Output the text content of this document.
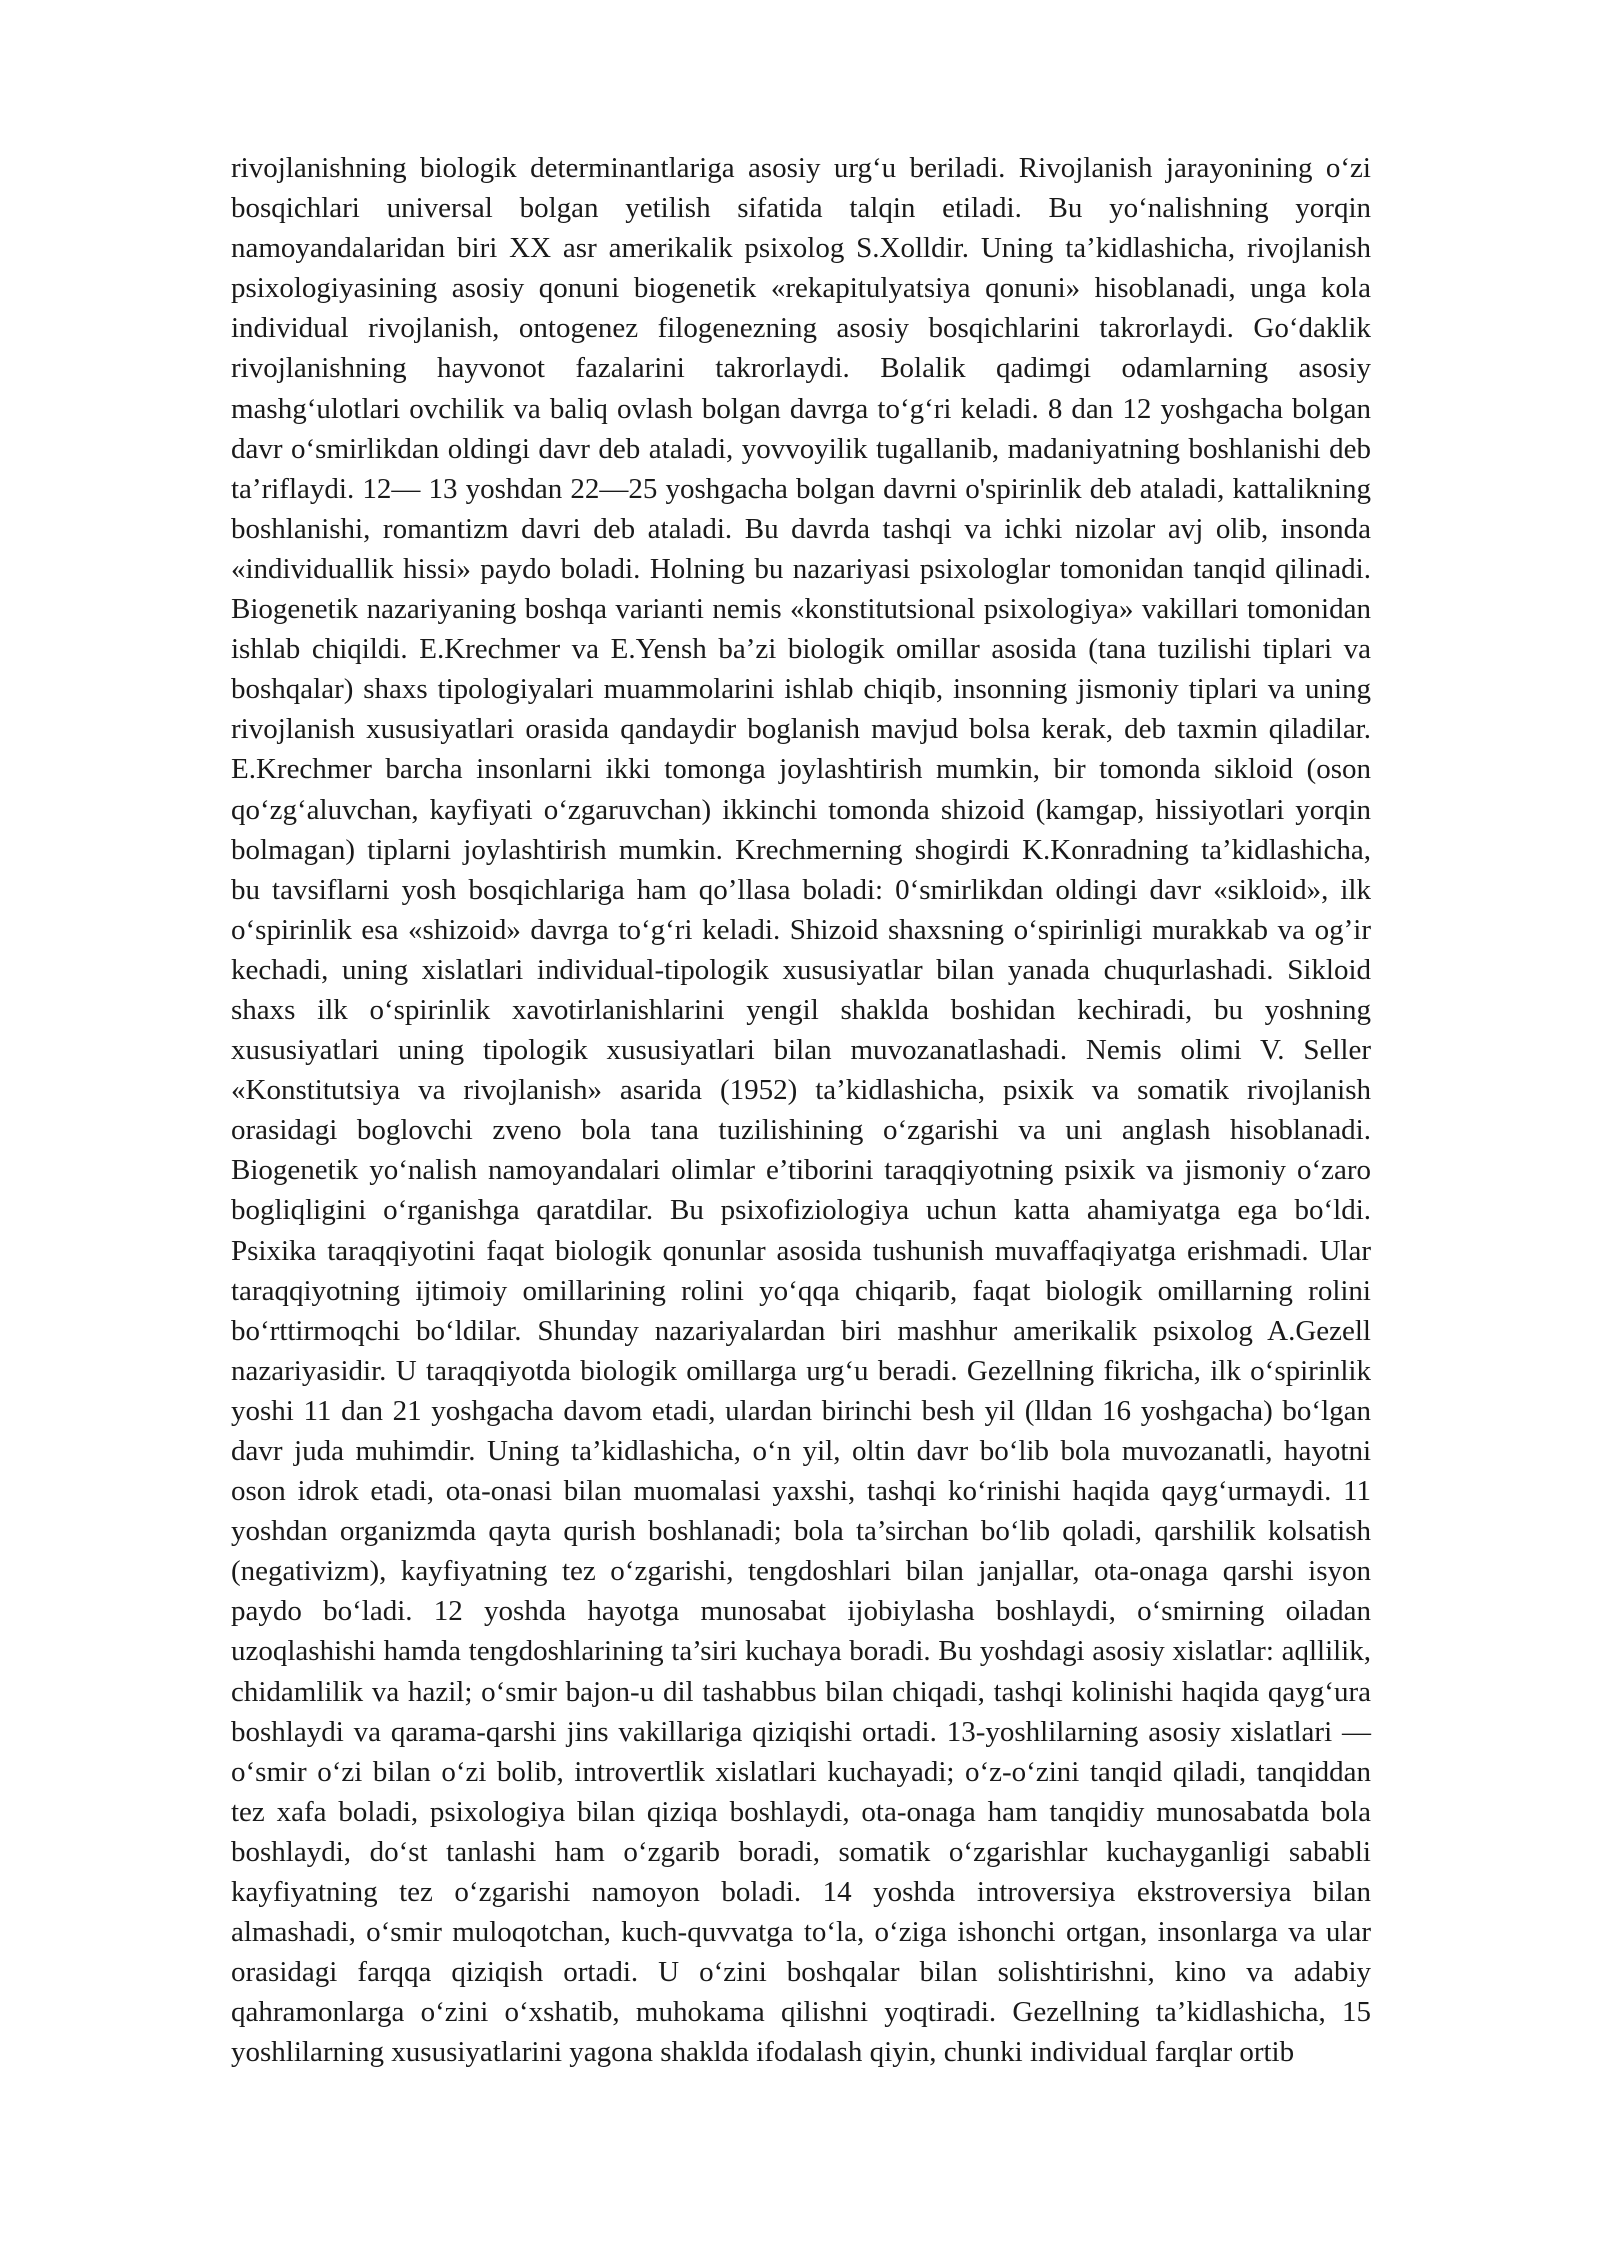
rivojlanishning biologik determinantlariga asosiy urg‘u beriladi. Rivojlanish jarayonining o‘zi bosqichlari universal bolgan yetilish sifatida talqin etiladi. Bu yo‘nalishning yorqin namoyandalaridan biri XX asr amerikalik psixolog S.Xolldir. Uning ta’kidlashicha, rivojlanish psixologiyasining asosiy qonuni biogenetik «rekapitulyatsiya qonuni» hisoblanadi, unga kola individual rivojlanish, ontogenez filogenezning asosiy bosqichlarini takrorlaydi. Go‘daklik rivojlanishning hayvonot fazalarini takrorlaydi. Bolalik qadimgi odamlarning asosiy mashg‘ulotlari ovchilik va baliq ovlash bolgan davrga to‘g‘ri keladi. 8 dan 12 yoshgacha bolgan davr o‘smirlikdan oldingi davr deb ataladi, yovvoyilik tugallanib, madaniyatning boshlanishi deb ta’riflaydi. 12— 13 yoshdan 22—25 yoshgacha bolgan davrni o'spirinlik deb ataladi, kattalikning boshlanishi, romantizm davri deb ataladi. Bu davrda tashqi va ichki nizolar avj olib, insonda «individuallik hissi» paydo boladi. Holning bu nazariyasi psixologlar tomonidan tanqid qilinadi. Biogenetik nazariyaning boshqa varianti nemis «konstitutsional psixologiya» vakillari tomonidan ishlab chiqildi. E.Krechmer va E.Yensh ba’zi biologik omillar asosida (tana tuzilishi tiplari va boshqalar) shaxs tipologiyalari muammolarini ishlab chiqib, insonning jismoniy tiplari va uning rivojlanish xususiyatlari orasida qandaydir boglanish mavjud bolsa kerak, deb taxmin qiladilar. E.Krechmer barcha insonlarni ikki tomonga joylashtirish mumkin, bir tomonda sikloid (oson qo‘zg‘aluvchan, kayfiyati o‘zgaruvchan) ikkinchi tomonda shizoid (kamgap, hissiyotlari yorqin bolmagan) tiplarni joylashtirish mumkin. Krechmerning shogirdi K.Konradning ta’kidlashicha, bu tavsiflarni yosh bosqichlariga ham qo’llasa boladi: 0‘smirlikdan oldingi davr «sikloid», ilk o‘spirinlik esa «shizoid» davrga to‘g‘ri keladi. Shizoid shaxsning o‘spirinligi murakkab va og’ir kechadi, uning xislatlari individual-tipologik xususiyatlar bilan yanada chuqurlashadi. Sikloid shaxs ilk o‘spirinlik xavotirlanishlarini yengil shaklda boshidan kechiradi, bu yoshning xususiyatlari uning tipologik xususiyatlari bilan muvozanatlashadi. Nemis olimi V. Seller «Konstitutsiya va rivojlanish» asarida (1952) ta’kidlashicha, psixik va somatik rivojlanish orasidagi boglovchi zveno bola tana tuzilishining o‘zgarishi va uni anglash hisoblanadi. Biogenetik yo‘nalish namoyandalari olimlar e’tiborini taraqqiyotning psixik va jismoniy o‘zaro bogliqligini o‘rganishga qaratdilar. Bu psixofiziologiya uchun katta ahamiyatga ega bo‘ldi. Psixika taraqqiyotini faqat biologik qonunlar asosida tushunish muvaffaqiyatga erishmadi. Ular taraqqiyotning ijtimoiy omillarining rolini yo‘qqa chiqarib, faqat biologik omillarning rolini bo‘rttirmoqchi bo‘ldilar. Shunday nazariyalardan biri mashhur amerikalik psixolog A.Gezell nazariyasidir. U taraqqiyotda biologik omillarga urg‘u beradi. Gezellning fikricha, ilk o‘spirinlik yoshi 11 dan 21 yoshgacha davom etadi, ulardan birinchi besh yil (lldan 16 yoshgacha) bo‘lgan davr juda muhimdir. Uning ta’kidlashicha, o‘n yil, oltin davr bo‘lib bola muvozanatli, hayotni oson idrok etadi, ota-onasi bilan muomalasi yaxshi, tashqi ko‘rinishi haqida qayg‘urmaydi. 11 yoshdan organizmda qayta qurish boshlanadi; bola ta’sirchan bo‘lib qoladi, qarshilik kolsatish (negativizm), kayfiyatning tez o‘zgarishi, tengdoshlari bilan janjallar, ota-onaga qarshi isyon paydo bo‘ladi. 12 yoshda hayotga munosabat ijobiylasha boshlaydi, o‘smirning oiladan uzoqlashishi hamda tengdoshlarining ta’siri kuchaya boradi. Bu yoshdagi asosiy xislatlar: aqllilik, chidamlilik va hazil; o‘smir bajon-u dil tashabbus bilan chiqadi, tashqi kolinishi haqida qayg‘ura boshlaydi va qarama-qarshi jins vakillariga qiziqishi ortadi. 13-yoshlilarning asosiy xislatlari — o‘smir o‘zi bilan o‘zi bolib, introvertlik xislatlari kuchayadi; o‘z-o‘zini tanqid qiladi, tanqiddan tez xafa boladi, psixologiya bilan qiziqa boshlaydi, ota-onaga ham tanqidiy munosabatda bola boshlaydi, do‘st tanlashi ham o‘zgarib boradi, somatik o‘zgarishlar kuchayganligi sababli kayfiyatning tez o‘zgarishi namoyon boladi. 14 yoshda introversiya ekstroversiya bilan almashadi, o‘smir muloqotchan, kuch-quvvatga to‘la, o‘ziga ishonchi ortgan, insonlarga va ular orasidagi farqqa qiziqish ortadi. U o‘zini boshqalar bilan solishtirishni, kino va adabiy qahramonlarga o‘zini o‘xshatib, muhokama qilishni yoqtiradi. Gezellning ta’kidlashicha, 15 yoshlilarning xususiyatlarini yagona shaklda ifodalash qiyin, chunki individual farqlar ortib
